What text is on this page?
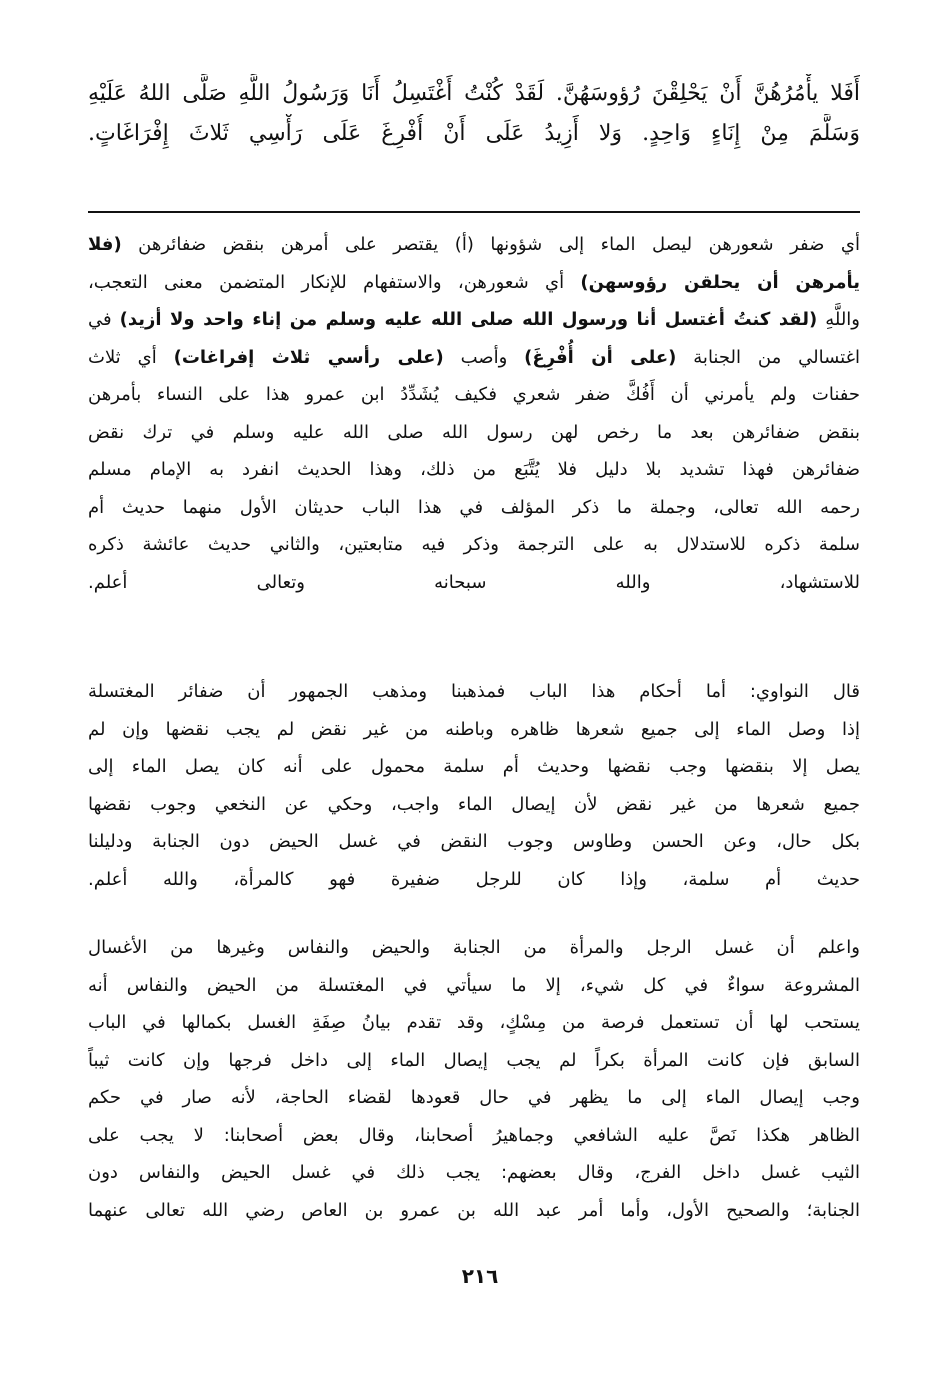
أَفَلا يأْمُرُهُنَّ أَنْ يَحْلِقْنَ رُؤوسَهُنَّ. لَقَدْ كُنْتُ أَغْتَسِلُ أَنَا وَرَسُولُ اللَّهِ صَلَّى اللهُ عَلَيْهِ
وَسَلَّمَ مِنْ إِنَاءٍ وَاحِدٍ. وَلا أَزِيدُ عَلَى أَنْ أُفْرِغَ عَلَى رَأْسِي ثَلاثَ إِفْرَاغَاتٍ.
أي ضفر شعورهن ليصل الماء إلى شؤونها (أ) يقتصر على أمرهن بنقض ضفائرهن (فلا
يأمرهن أن يحلقن رؤوسهن) أي شعورهن، والاستفهام للإنكار المتضمن معنى التعجب،
واللَّهِ (لقد كنتُ أغتسل أنا ورسول الله صلى الله عليه وسلم من إناء واحد ولا أزيد) في
اغتسالي من الجنابة (على أن أُفْرِغَ) وأصب (على رأسي ثلاث إفراغات) أي ثلاث
حفنات ولم يأمرني أن أَفُكَّ ضفر شعري فكيف يُشَدِّدُ ابن عمرو هذا على النساء بأمرهن
بنقض ضفائرهن بعد ما رخص لهن رسول الله صلى الله عليه وسلم في ترك نقض
ضفائرهن فهذا تشديد بلا دليل فلا يُتَّبَع من ذلك، وهذا الحديث انفرد به الإمام مسلم
رحمه الله تعالى، وجملة ما ذكر المؤلف في هذا الباب حديثان الأول منهما حديث أم
سلمة ذكره للاستدلال به على الترجمة وذكر فيه متابعتين، والثاني حديث عائشة ذكره
للاستشهاد، والله سبحانه وتعالى أعلم.
قال النواوي: أما أحكام هذا الباب فمذهبنا ومذهب الجمهور أن ضفائر المغتسلة
إذا وصل الماء إلى جميع شعرها ظاهره وباطنه من غير نقض لم يجب نقضها وإن لم
يصل إلا بنقضها وجب نقضها وحديث أم سلمة محمول على أنه كان يصل الماء إلى
جميع شعرها من غير نقض لأن إيصال الماء واجب، وحكي عن النخعي وجوب نقضها
بكل حال، وعن الحسن وطاوس وجوب النقض في غسل الحيض دون الجنابة ودليلنا
حديث أم سلمة، وإذا كان للرجل ضفيرة فهو كالمرأة، والله أعلم.
واعلم أن غسل الرجل والمرأة من الجنابة والحيض والنفاس وغيرها من الأغسال
المشروعة سواءٌ في كل شيء، إلا ما سيأتي في المغتسلة من الحيض والنفاس أنه
يستحب لها أن تستعمل فرصة من مِسْكٍ، وقد تقدم بيانُ صِفَةِ الغسل بكمالها في الباب
السابق فإن كانت المرأة بكراً لم يجب إيصال الماء إلى داخل فرجها وإن كانت ثيباً
وجب إيصال الماء إلى ما يظهر في حال قعودها لقضاء الحاجة، لأنه صار في حكم
الظاهر هكذا نَصَّ عليه الشافعي وجماهيرُ أصحابنا، وقال بعض أصحابنا: لا يجب على
الثيب غسل داخل الفرج، وقال بعضهم: يجب ذلك في غسل الحيض والنفاس دون
الجنابة؛ والصحيح الأول، وأما أمر عبد الله بن عمرو بن العاص رضي الله تعالى عنهما
٢١٦
